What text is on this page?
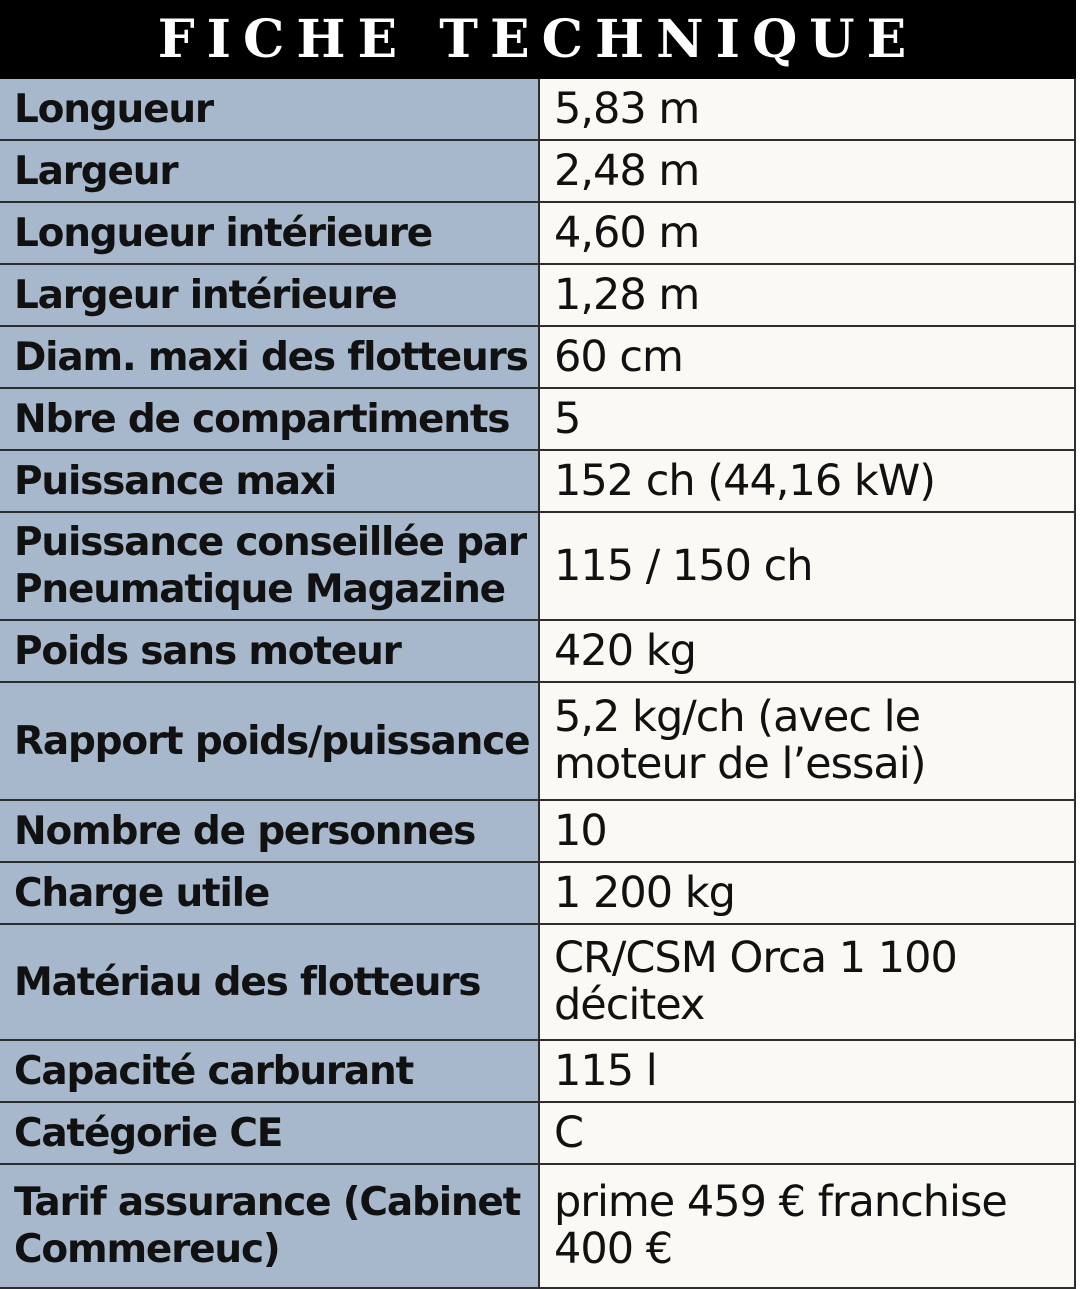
FICHE TECHNIQUE
Longueur	5,83 m
Largeur	2,48 m
Longueur intérieure	4,60 m
Largeur intérieure	1,28 m
Diam. maxi des flotteurs	60 cm
Nbre de compartiments	5
Puissance maxi	152 ch (44,16 kW)
Puissance conseillée par Pneumatique Magazine	115 / 150 ch
Poids sans moteur	420 kg
Rapport poids/puissance	5,2 kg/ch (avec le moteur de l’essai)
Nombre de personnes	10
Charge utile	1 200 kg
Matériau des flotteurs	CR/CSM Orca 1 100 décitex
Capacité carburant	115 l
Catégorie CE	C
Tarif assurance (Cabinet Commereuc)	prime 459 € franchise 400 €
